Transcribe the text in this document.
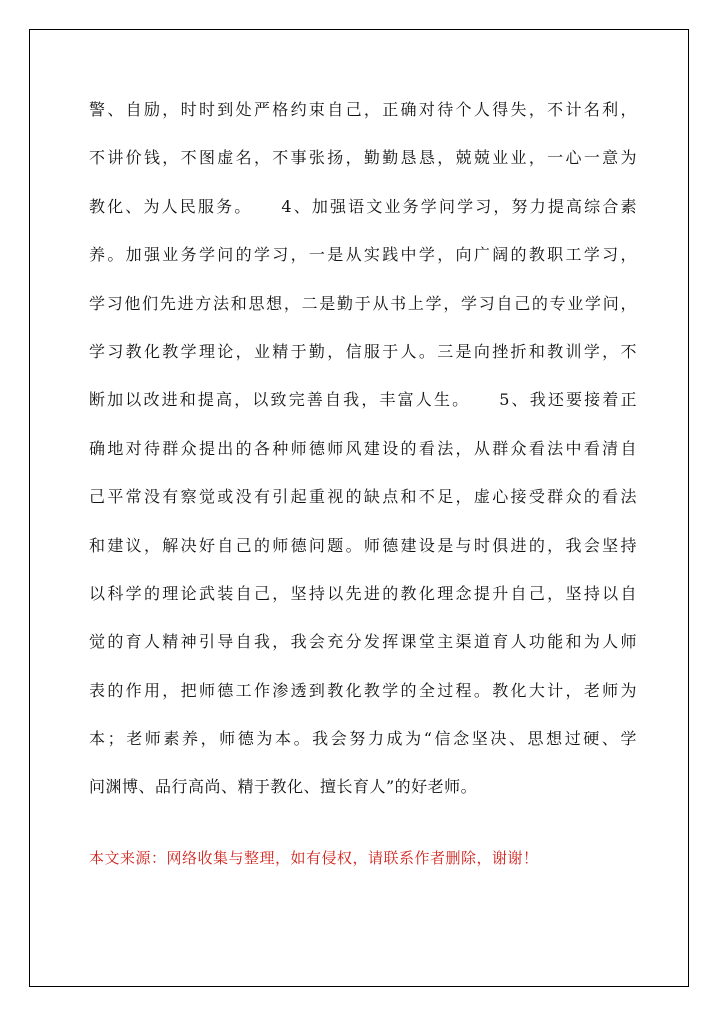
警、自励，时时到处严格约束自己，正确对待个人得失，不计名利，
不讲价钱，不图虚名，不事张扬，勤勤恳恳，兢兢业业，一心一意为
教化、为人民服务。    4、加强语文业务学问学习，努力提高综合素
养。加强业务学问的学习，一是从实践中学，向广阔的教职工学习，
学习他们先进方法和思想，二是勤于从书上学，学习自己的专业学问，
学习教化教学理论，业精于勤，信服于人。三是向挫折和教训学，不
断加以改进和提高，以致完善自我，丰富人生。    5、我还要接着正
确地对待群众提出的各种师德师风建设的看法，从群众看法中看清自
己平常没有察觉或没有引起重视的缺点和不足，虚心接受群众的看法
和建议，解决好自己的师德问题。师德建设是与时俱进的，我会坚持
以科学的理论武装自己，坚持以先进的教化理念提升自己，坚持以自
觉的育人精神引导自我，我会充分发挥课堂主渠道育人功能和为人师
表的作用，把师德工作渗透到教化教学的全过程。教化大计，老师为
本；老师素养，师德为本。我会努力成为“信念坚决、思想过硬、学
问渊博、品行高尚、精于教化、擅长育人”的好老师。
本文来源：网络收集与整理，如有侵权，请联系作者删除，谢谢！
